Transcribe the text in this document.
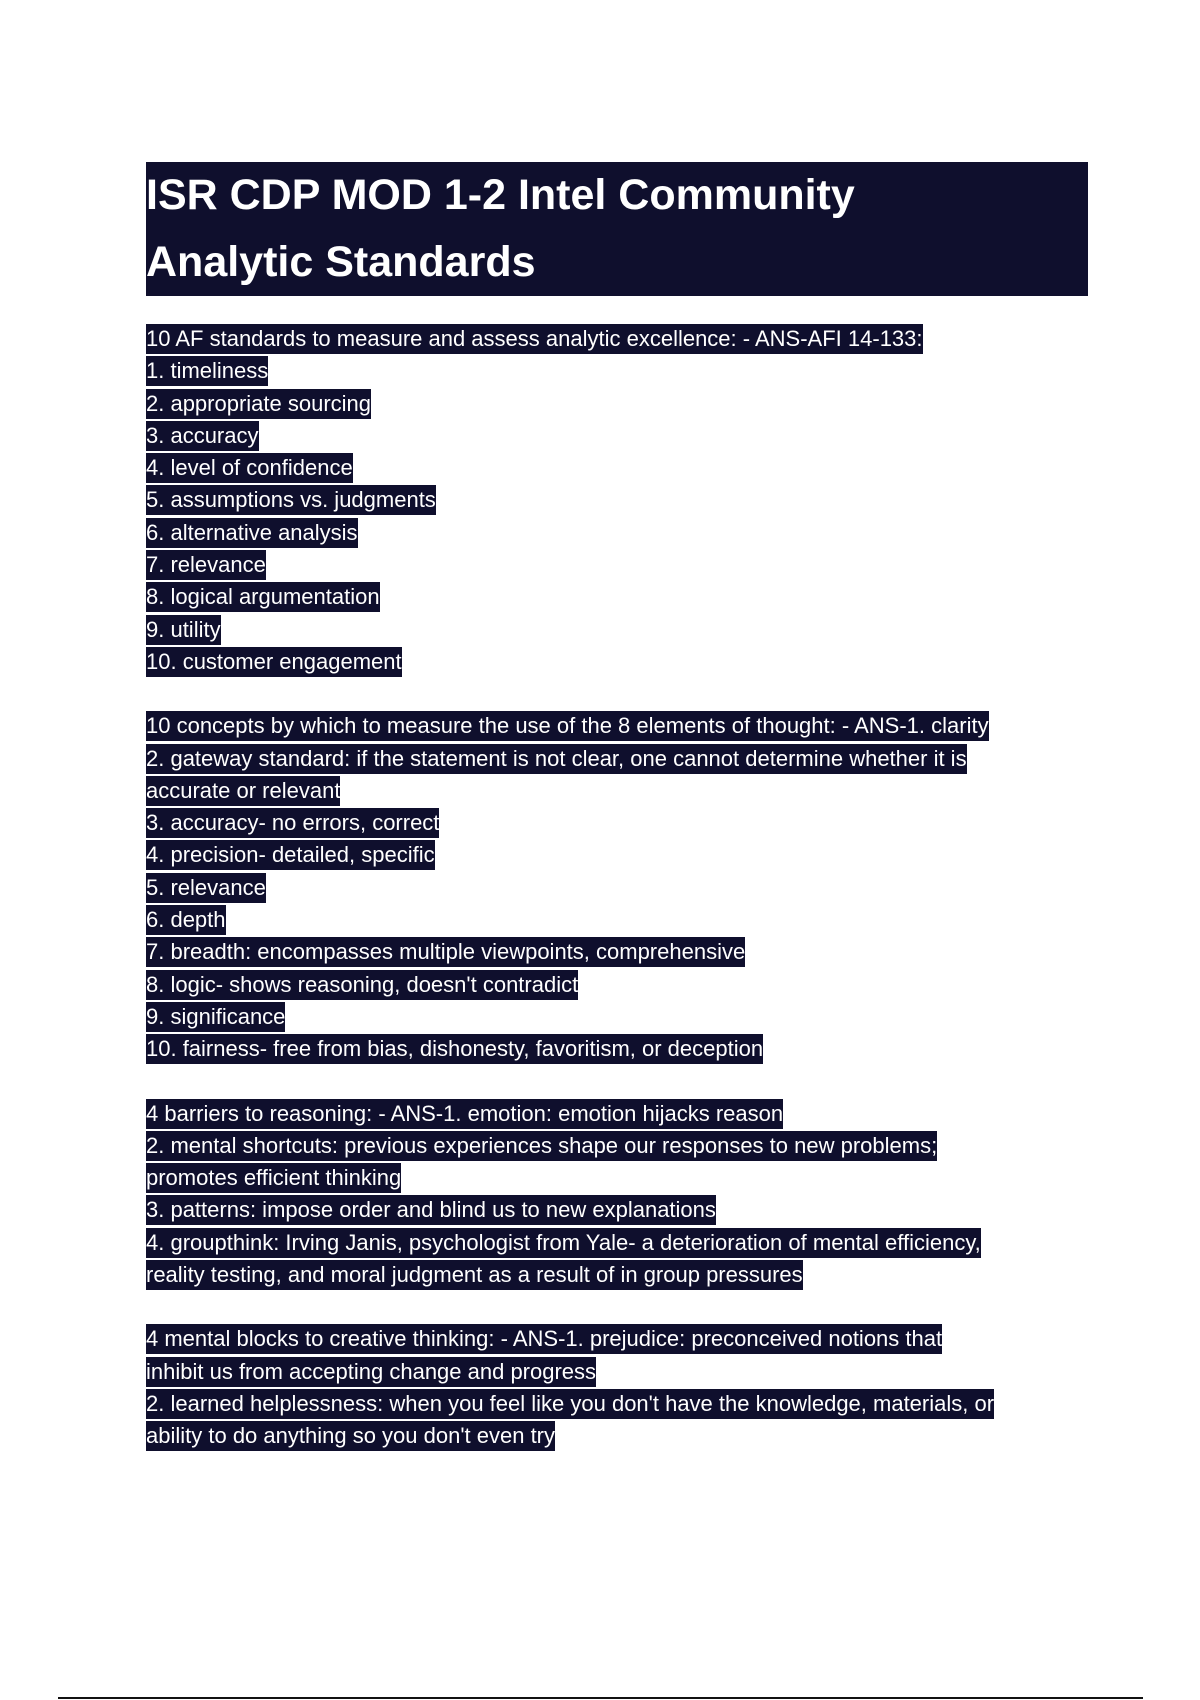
ISR CDP MOD 1-2 Intel Community
Analytic Standards
10 AF standards to measure and assess analytic excellence: - ANS-AFI 14-133:
1. timeliness
2. appropriate sourcing
3. accuracy
4. level of confidence
5. assumptions vs. judgments
6. alternative analysis
7. relevance
8. logical argumentation
9. utility
10. customer engagement
10 concepts by which to measure the use of the 8 elements of thought: - ANS-1. clarity
2. gateway standard: if the statement is not clear, one cannot determine whether it is
accurate or relevant
3. accuracy- no errors, correct
4. precision- detailed, specific
5. relevance
6. depth
7. breadth: encompasses multiple viewpoints, comprehensive
8. logic- shows reasoning, doesn't contradict
9. significance
10. fairness- free from bias, dishonesty, favoritism, or deception
4 barriers to reasoning: - ANS-1. emotion: emotion hijacks reason
2. mental shortcuts: previous experiences shape our responses to new problems;
promotes efficient thinking
3. patterns: impose order and blind us to new explanations
4. groupthink: Irving Janis, psychologist from Yale- a deterioration of mental efficiency,
reality testing, and moral judgment as a result of in group pressures
4 mental blocks to creative thinking: - ANS-1. prejudice: preconceived notions that
inhibit us from accepting change and progress
2. learned helplessness: when you feel like you don't have the knowledge, materials, or
ability to do anything so you don't even try
